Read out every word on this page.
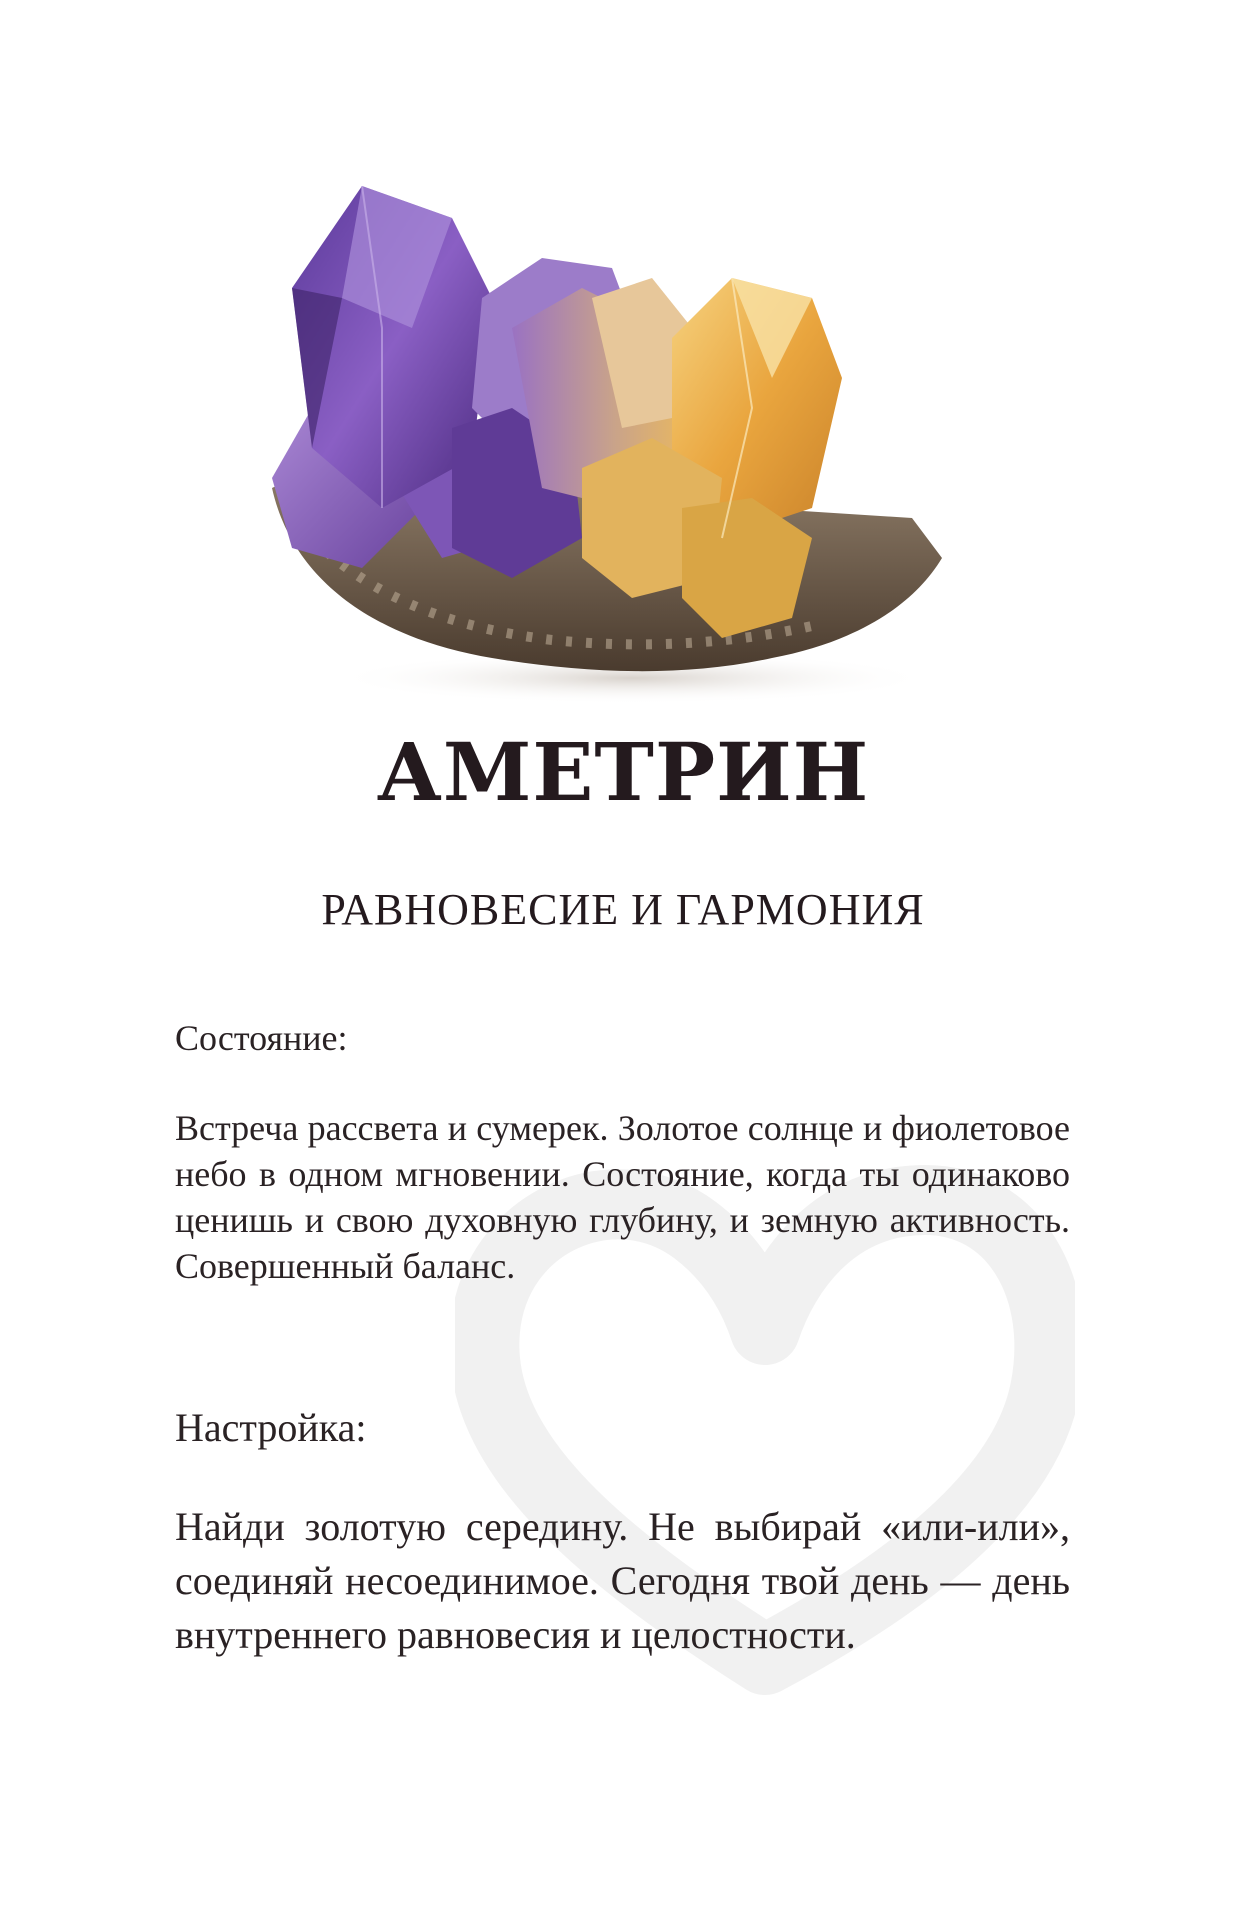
АМЕТРИН
РАВНОВЕСИЕ И ГАРМОНИЯ
Состояние:
Встреча рассвета и сумерек. Золотое солнце и фиолетовое небо в одном мгновении. Состояние, когда ты одинаково ценишь и свою духовную глубину, и земную активность. Совершенный баланс.
Настройка:
Найди золотую середину. Не выбирай «или-или», соединяй несоединимое. Сегодня твой день — день внутреннего равновесия и целостности.
